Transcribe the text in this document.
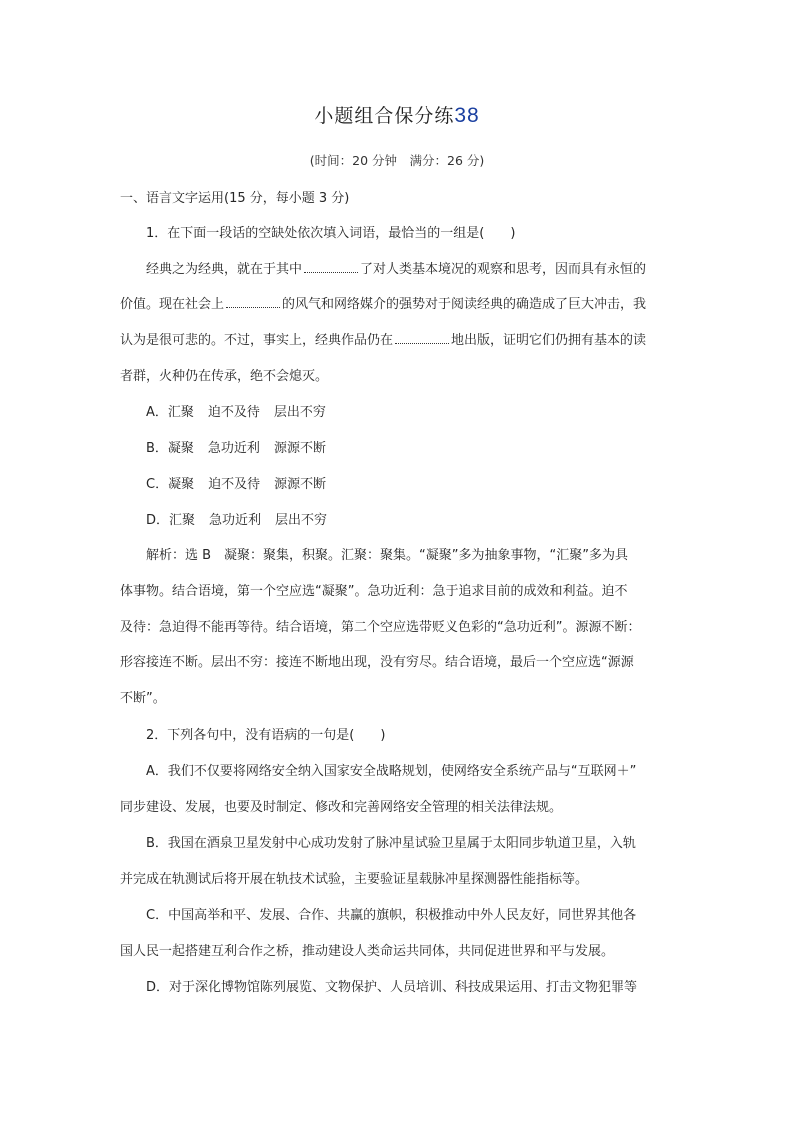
小题组合保分练38
(时间：20 分钟　满分：26 分)
一、语言文字运用(15 分，每小题 3 分)
1．在下面一段话的空缺处依次填入词语，最恰当的一组是(　　)
经典之为经典，就在于其中	了对人类基本境况的观察和思考，因而具有永恒的
价值。现在社会上	的风气和网络媒介的强势对于阅读经典的确造成了巨大冲击，我
认为是很可悲的。不过，事实上，经典作品仍在	地出版，证明它们仍拥有基本的读
者群，火种仍在传承，绝不会熄灭。
A．汇聚 迫不及待 层出不穷
B．凝聚 急功近利 源源不断
C．凝聚 迫不及待 源源不断
D．汇聚 急功近利 层出不穷
解析：选 B　凝聚：聚集，积聚。汇聚：聚集。“凝聚”多为抽象事物，“汇聚”多为具
体事物。结合语境，第一个空应选“凝聚”。急功近利：急于追求目前的成效和利益。迫不
及待：急迫得不能再等待。结合语境，第二个空应选带贬义色彩的“急功近利”。源源不断：
形容接连不断。层出不穷：接连不断地出现，没有穷尽。结合语境，最后一个空应选“源源
不断”。
2．下列各句中，没有语病的一句是(　　)
A．我们不仅要将网络安全纳入国家安全战略规划，使网络安全系统产品与“互联网＋”
同步建设、发展，也要及时制定、修改和完善网络安全管理的相关法律法规。
B．我国在酒泉卫星发射中心成功发射了脉冲星试验卫星属于太阳同步轨道卫星，入轨
并完成在轨测试后将开展在轨技术试验，主要验证星载脉冲星探测器性能指标等。
C．中国高举和平、发展、合作、共赢的旗帜，积极推动中外人民友好，同世界其他各
国人民一起搭建互利合作之桥，推动建设人类命运共同体，共同促进世界和平与发展。
D．对于深化博物馆陈列展览、文物保护、人员培训、科技成果运用、打击文物犯罪等
